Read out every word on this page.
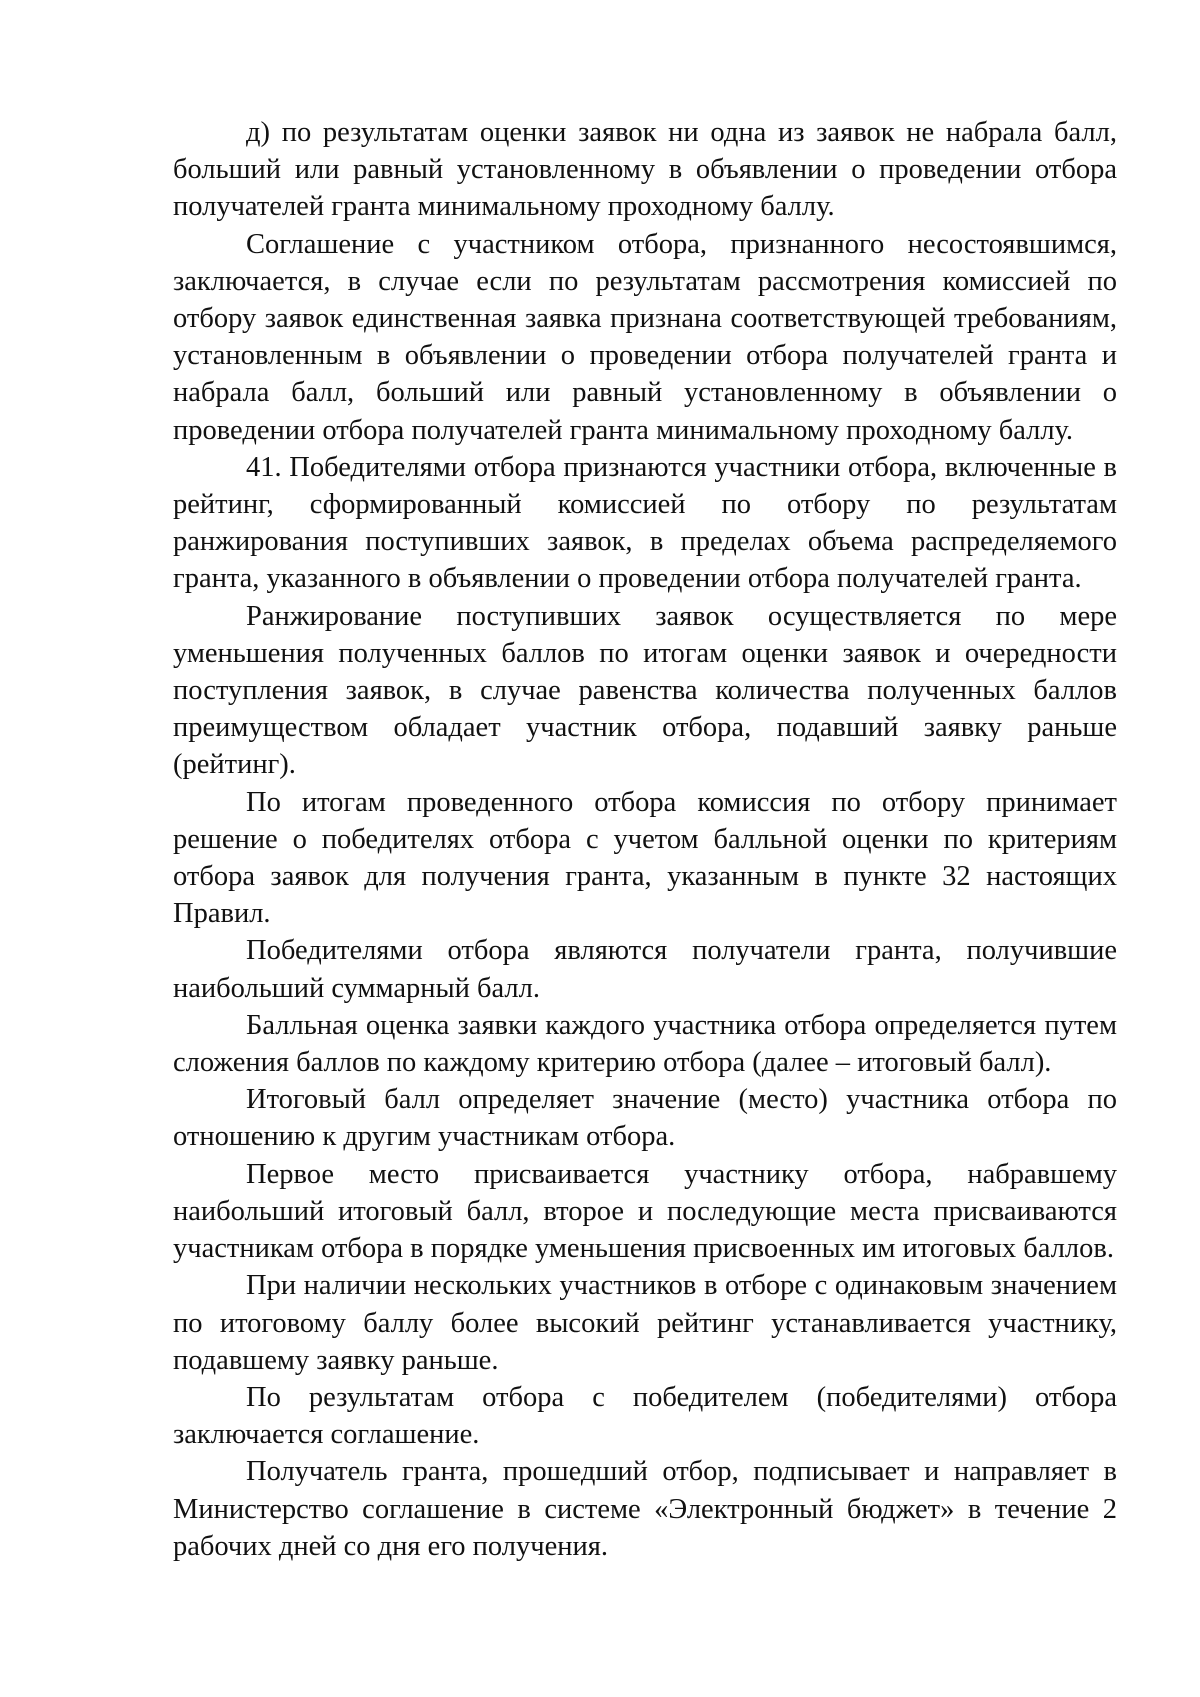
д) по результатам оценки заявок ни одна из заявок не набрала балл, больший или равный установленному в объявлении о проведении отбора получателей гранта минимальному проходному баллу.

Соглашение с участником отбора, признанного несостоявшимся, заключается, в случае если по результатам рассмотрения комиссией по отбору заявок единственная заявка признана соответствующей требованиям, установленным в объявлении о проведении отбора получателей гранта и набрала балл, больший или равный установленному в объявлении о проведении отбора получателей гранта минимальному проходному баллу.

41. Победителями отбора признаются участники отбора, включенные в рейтинг, сформированный комиссией по отбору по результатам ранжирования поступивших заявок, в пределах объема распределяемого гранта, указанного в объявлении о проведении отбора получателей гранта.

Ранжирование поступивших заявок осуществляется по мере уменьшения полученных баллов по итогам оценки заявок и очередности поступления заявок, в случае равенства количества полученных баллов преимуществом обладает участник отбора, подавший заявку раньше (рейтинг).

По итогам проведенного отбора комиссия по отбору принимает решение о победителях отбора с учетом балльной оценки по критериям отбора заявок для получения гранта, указанным в пункте 32 настоящих Правил.

Победителями отбора являются получатели гранта, получившие наибольший суммарный балл.

Балльная оценка заявки каждого участника отбора определяется путем сложения баллов по каждому критерию отбора (далее – итоговый балл).

Итоговый балл определяет значение (место) участника отбора по отношению к другим участникам отбора.

Первое место присваивается участнику отбора, набравшему наибольший итоговый балл, второе и последующие места присваиваются участникам отбора в порядке уменьшения присвоенных им итоговых баллов.

При наличии нескольких участников в отборе с одинаковым значением по итоговому баллу более высокий рейтинг устанавливается участнику, подавшему заявку раньше.

По результатам отбора с победителем (победителями) отбора заключается соглашение.

Получатель гранта, прошедший отбор, подписывает и направляет в Министерство соглашение в системе «Электронный бюджет» в течение 2 рабочих дней со дня его получения.
